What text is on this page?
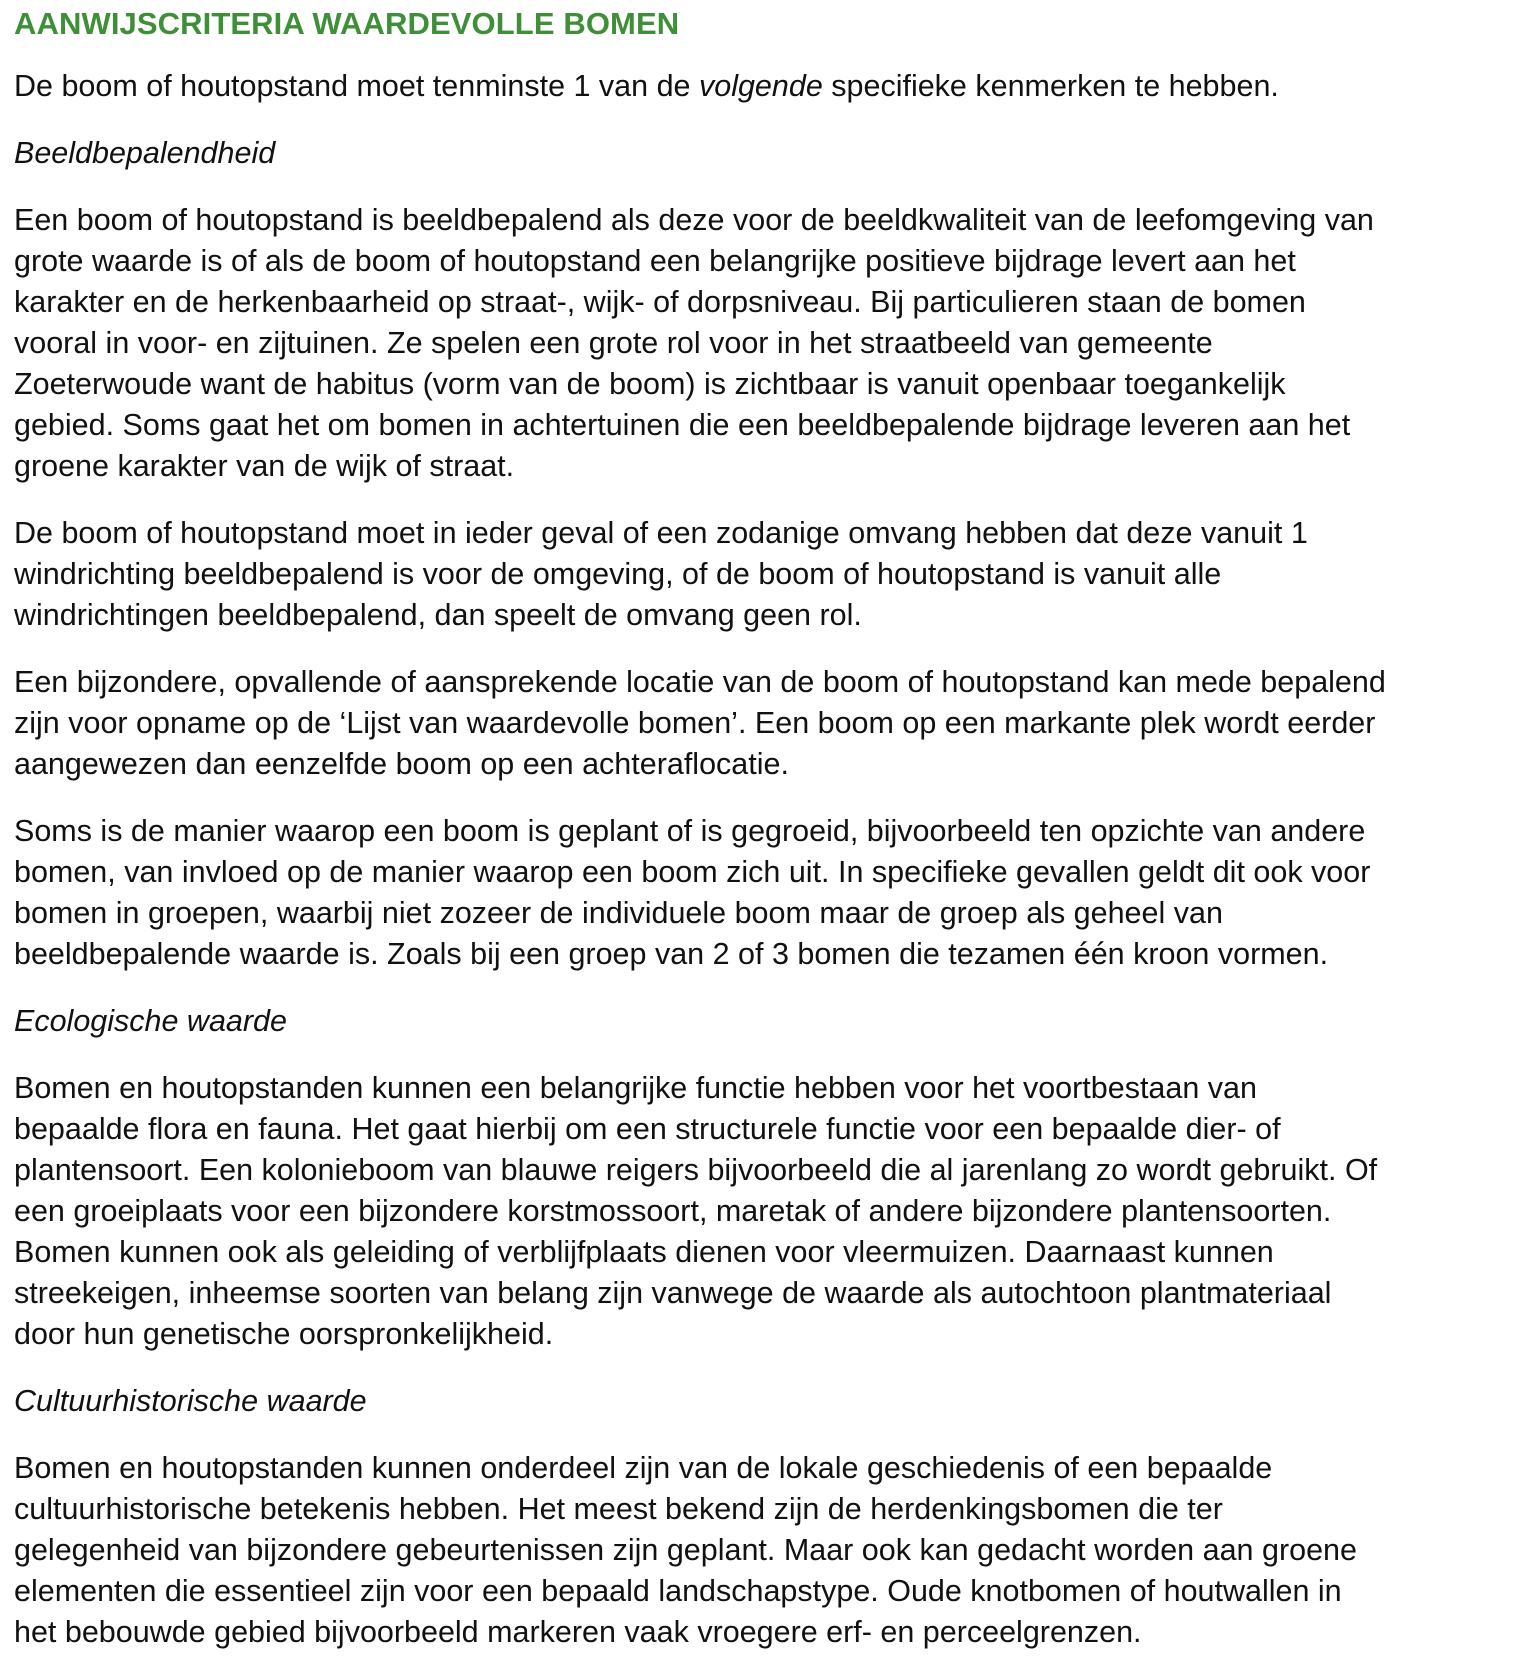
AANWIJSCRITERIA WAARDEVOLLE BOMEN

De boom of houtopstand moet tenminste 1 van de volgende specifieke kenmerken te hebben.

Beeldbepalendheid

Een boom of houtopstand is beeldbepalend als deze voor de beeldkwaliteit van de leefomgeving van
grote waarde is of als de boom of houtopstand een belangrijke positieve bijdrage levert aan het
karakter en de herkenbaarheid op straat-, wijk- of dorpsniveau. Bij particulieren staan de bomen
vooral in voor- en zijtuinen. Ze spelen een grote rol voor in het straatbeeld van gemeente
Zoeterwoude want de habitus (vorm van de boom) is zichtbaar is vanuit openbaar toegankelijk
gebied. Soms gaat het om bomen in achtertuinen die een beeldbepalende bijdrage leveren aan het
groene karakter van de wijk of straat.

De boom of houtopstand moet in ieder geval of een zodanige omvang hebben dat deze vanuit 1
windrichting beeldbepalend is voor de omgeving, of de boom of houtopstand is vanuit alle
windrichtingen beeldbepalend, dan speelt de omvang geen rol.

Een bijzondere, opvallende of aansprekende locatie van de boom of houtopstand kan mede bepalend
zijn voor opname op de ‘Lijst van waardevolle bomen’. Een boom op een markante plek wordt eerder
aangewezen dan eenzelfde boom op een achteraflocatie.

Soms is de manier waarop een boom is geplant of is gegroeid, bijvoorbeeld ten opzichte van andere
bomen, van invloed op de manier waarop een boom zich uit. In specifieke gevallen geldt dit ook voor
bomen in groepen, waarbij niet zozeer de individuele boom maar de groep als geheel van
beeldbepalende waarde is. Zoals bij een groep van 2 of 3 bomen die tezamen één kroon vormen.

Ecologische waarde

Bomen en houtopstanden kunnen een belangrijke functie hebben voor het voortbestaan van
bepaalde flora en fauna. Het gaat hierbij om een structurele functie voor een bepaalde dier- of
plantensoort. Een kolonieboom van blauwe reigers bijvoorbeeld die al jarenlang zo wordt gebruikt. Of
een groeiplaats voor een bijzondere korstmossoort, maretak of andere bijzondere plantensoorten.
Bomen kunnen ook als geleiding of verblijfplaats dienen voor vleermuizen. Daarnaast kunnen
streekeigen, inheemse soorten van belang zijn vanwege de waarde als autochtoon plantmateriaal
door hun genetische oorspronkelijkheid.

Cultuurhistorische waarde

Bomen en houtopstanden kunnen onderdeel zijn van de lokale geschiedenis of een bepaalde
cultuurhistorische betekenis hebben. Het meest bekend zijn de herdenkingsbomen die ter
gelegenheid van bijzondere gebeurtenissen zijn geplant. Maar ook kan gedacht worden aan groene
elementen die essentieel zijn voor een bepaald landschapstype. Oude knotbomen of houtwallen in
het bebouwde gebied bijvoorbeeld markeren vaak vroegere erf- en perceelgrenzen.
